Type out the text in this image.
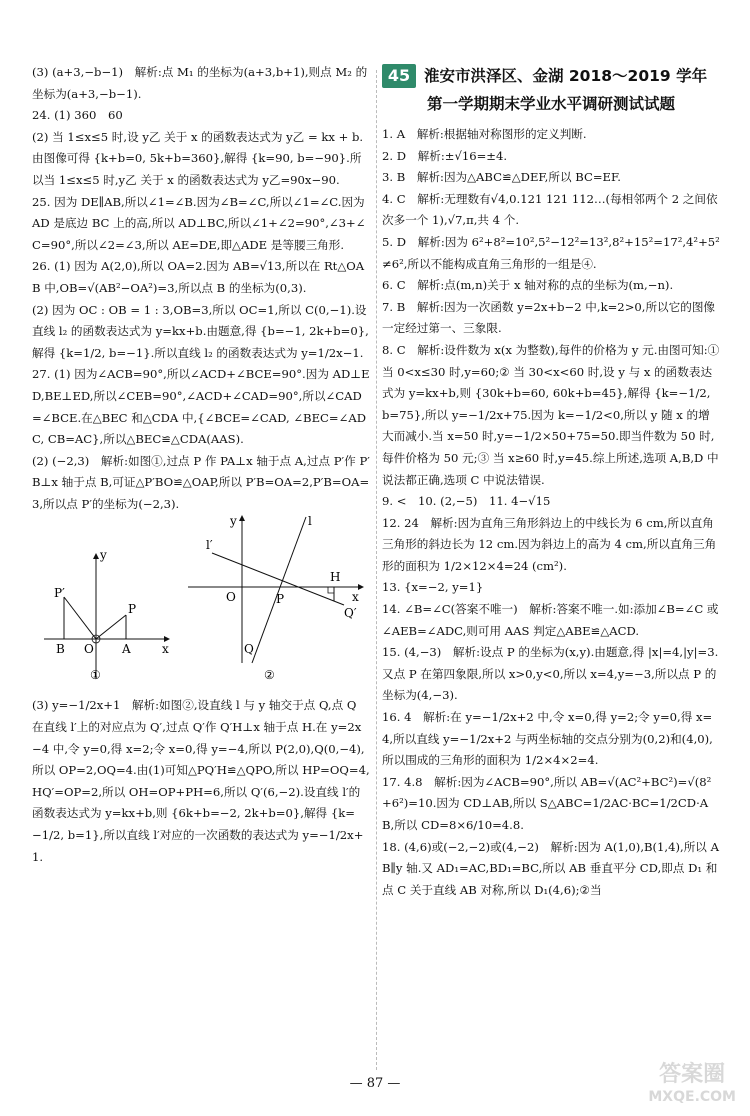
(3) (a+3,−b−1)　解析:点 M₁ 的坐标为(a+3,b+1),则点 M₂ 的坐标为(a+3,−b−1).

24. (1) 360　60

(2) 当 1≤x≤5 时,设 y乙 关于 x 的函数表达式为 y乙 = kx + b.由图像可得 {k+b=0, 5k+b=360},解得 {k=90, b=−90}.所以当 1≤x≤5 时,y乙 关于 x 的函数表达式为 y乙=90x−90.

25. 因为 DE∥AB,所以∠1=∠B.因为∠B=∠C,所以∠1=∠C.因为 AD 是底边 BC 上的高,所以 AD⊥BC,所以∠1+∠2=90°,∠3+∠C=90°,所以∠2=∠3,所以 AE=DE,即△ADE 是等腰三角形.

26. (1) 因为 A(2,0),所以 OA=2.因为 AB=√13,所以在 Rt△OAB 中,OB=√(AB²−OA²)=3,所以点 B 的坐标为(0,3).

(2) 因为 OC : OB = 1 : 3,OB=3,所以 OC=1,所以 C(0,−1).设直线 l₂ 的函数表达式为 y=kx+b.由题意,得 {b=−1, 2k+b=0},解得 {k=1/2, b=−1}.所以直线 l₂ 的函数表达式为 y=1/2x−1.

27. (1) 因为∠ACB=90°,所以∠ACD+∠BCE=90°.因为 AD⊥ED,BE⊥ED,所以∠CEB=90°,∠ACD+∠CAD=90°,所以∠CAD=∠BCE.在△BEC 和△CDA 中,{∠BCE=∠CAD, ∠BEC=∠ADC, CB=AC},所以△BEC≌△CDA(AAS).

(2) (−2,3)　解析:如图①,过点 P 作 PA⊥x 轴于点 A,过点 P′作 P′B⊥x 轴于点 B,可证△P′BO≌△OAP,所以 P′B=OA=2,P′B=OA=3,所以点 P′的坐标为(−2,3).

y
P′
P
B O A	x
①
y	l
l′
O	P
H
x
Q′
Q
②

(3) y=−1/2x+1　解析:如图②,设直线 l 与 y 轴交于点 Q,点 Q 在直线 l′上的对应点为 Q′,过点 Q′作 Q′H⊥x 轴于点 H.在 y=2x−4 中,令 y=0,得 x=2;令 x=0,得 y=−4,所以 P(2,0),Q(0,−4),所以 OP=2,OQ=4.由(1)可知△PQ′H≌△QPO,所以 HP=OQ=4,HQ′=OP=2,所以 OH=OP+PH=6,所以 Q′(6,−2).设直线 l′的函数表达式为 y=kx+b,则 {6k+b=−2, 2k+b=0},解得 {k=−1/2, b=1},所以直线 l′对应的一次函数的表达式为 y=−1/2x+1.

45 淮安市洪泽区、金湖 2018～2019 学年
第一学期期末学业水平调研测试试题

1. A　解析:根据轴对称图形的定义判断.

2. D　解析:±√16=±4.

3. B　解析:因为△ABC≌△DEF,所以 BC=EF.

4. C　解析:无理数有√4,0.121 121 112…(每相邻两个 2 之间依次多一个 1),√7,π,共 4 个.

5. D　解析:因为 6²+8²=10²,5²−12²=13²,8²+15²=17²,4²+5²≠6²,所以不能构成直角三角形的一组是④.

6. C　解析:点(m,n)关于 x 轴对称的点的坐标为(m,−n).

7. B　解析:因为一次函数 y=2x+b−2 中,k=2>0,所以它的图像一定经过第一、三象限.

8. C　解析:设件数为 x(x 为整数),每件的价格为 y 元.由图可知:① 当 0<x≤30 时,y=60;② 当 30<x<60 时,设 y 与 x 的函数表达式为 y=kx+b,则 {30k+b=60, 60k+b=45},解得 {k=−1/2, b=75},所以 y=−1/2x+75.因为 k=−1/2<0,所以 y 随 x 的增大而减小.当 x=50 时,y=−1/2×50+75=50.即当件数为 50 时,每件价格为 50 元;③ 当 x≥60 时,y=45.综上所述,选项 A,B,D 中说法都正确,选项 C 中说法错误.

9. <　10. (2,−5)　11. 4−√15

12. 24　解析:因为直角三角形斜边上的中线长为 6 cm,所以直角三角形的斜边长为 12 cm.因为斜边上的高为 4 cm,所以直角三角形的面积为 1/2×12×4=24 (cm²).

13. {x=−2, y=1}

14. ∠B=∠C(答案不唯一)　解析:答案不唯一.如:添加∠B=∠C 或∠AEB=∠ADC,则可用 AAS 判定△ABE≌△ACD.

15. (4,−3)　解析:设点 P 的坐标为(x,y).由题意,得 |x|=4,|y|=3.又点 P 在第四象限,所以 x>0,y<0,所以 x=4,y=−3,所以点 P 的坐标为(4,−3).

16. 4　解析:在 y=−1/2x+2 中,令 x=0,得 y=2;令 y=0,得 x=4,所以直线 y=−1/2x+2 与两坐标轴的交点分别为(0,2)和(4,0),所以围成的三角形的面积为 1/2×4×2=4.

17. 4.8　解析:因为∠ACB=90°,所以 AB=√(AC²+BC²)=√(8²+6²)=10.因为 CD⊥AB,所以 S△ABC=1/2AC·BC=1/2CD·AB,所以 CD=8×6/10=4.8.

18. (4,6)或(−2,−2)或(4,−2)　解析:因为 A(1,0),B(1,4),所以 AB∥y 轴.又 AD₁=AC,BD₁=BC,所以 AB 垂直平分 CD,即点 D₁ 和点 C 关于直线 AB 对称,所以 D₁(4,6);②当

— 87 —	答案圈
MXQE.COM
